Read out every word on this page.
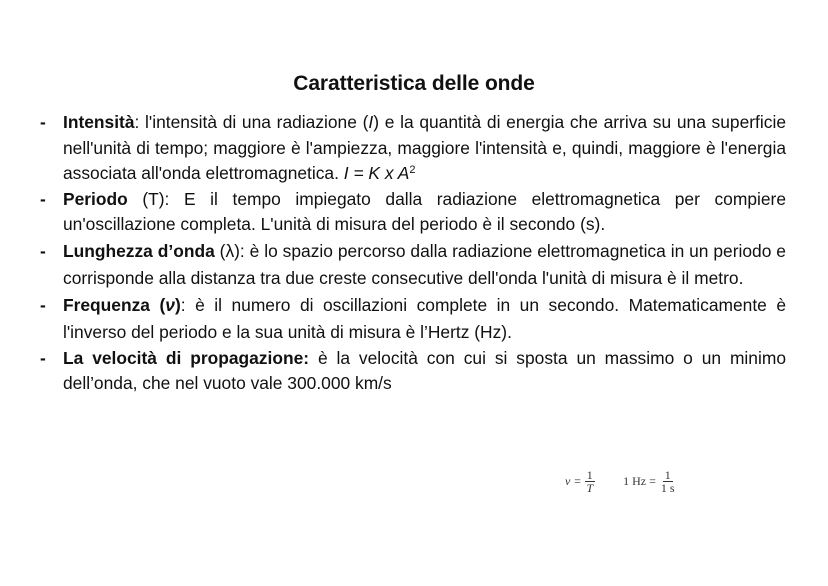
Caratteristica delle onde
- Intensità: l'intensità di una radiazione (I) e la quantità di energia che arriva su una superficie nell'unità di tempo; maggiore è l'ampiezza, maggiore l'intensità e, quindi, maggiore è l'energia associata all'onda elettromagnetica. I = K x $A^2$
- Periodo (T): E il tempo impiegato dalla radiazione elettromagnetica per compiere un'oscillazione completa. L'unità di misura del periodo è il secondo (s).
- Lunghezza d’onda (λ): è lo spazio percorso dalla radiazione elettromagnetica in un periodo e corrisponde alla distanza tra due creste consecutive dell'onda l'unità di misura è il metro.
- Frequenza (ν): è il numero di oscillazioni complete in un secondo. Matematicamente è l'inverso del periodo e la sua unità di misura è l’Hertz (Hz).
- La velocità di propagazione: è la velocità con cui si sposta un massimo o un minimo dell’onda, che nel vuoto vale 300.000 km/s
$\nu = \frac{1}{T} 1$ $Hz = \frac{1}{1 s}$
